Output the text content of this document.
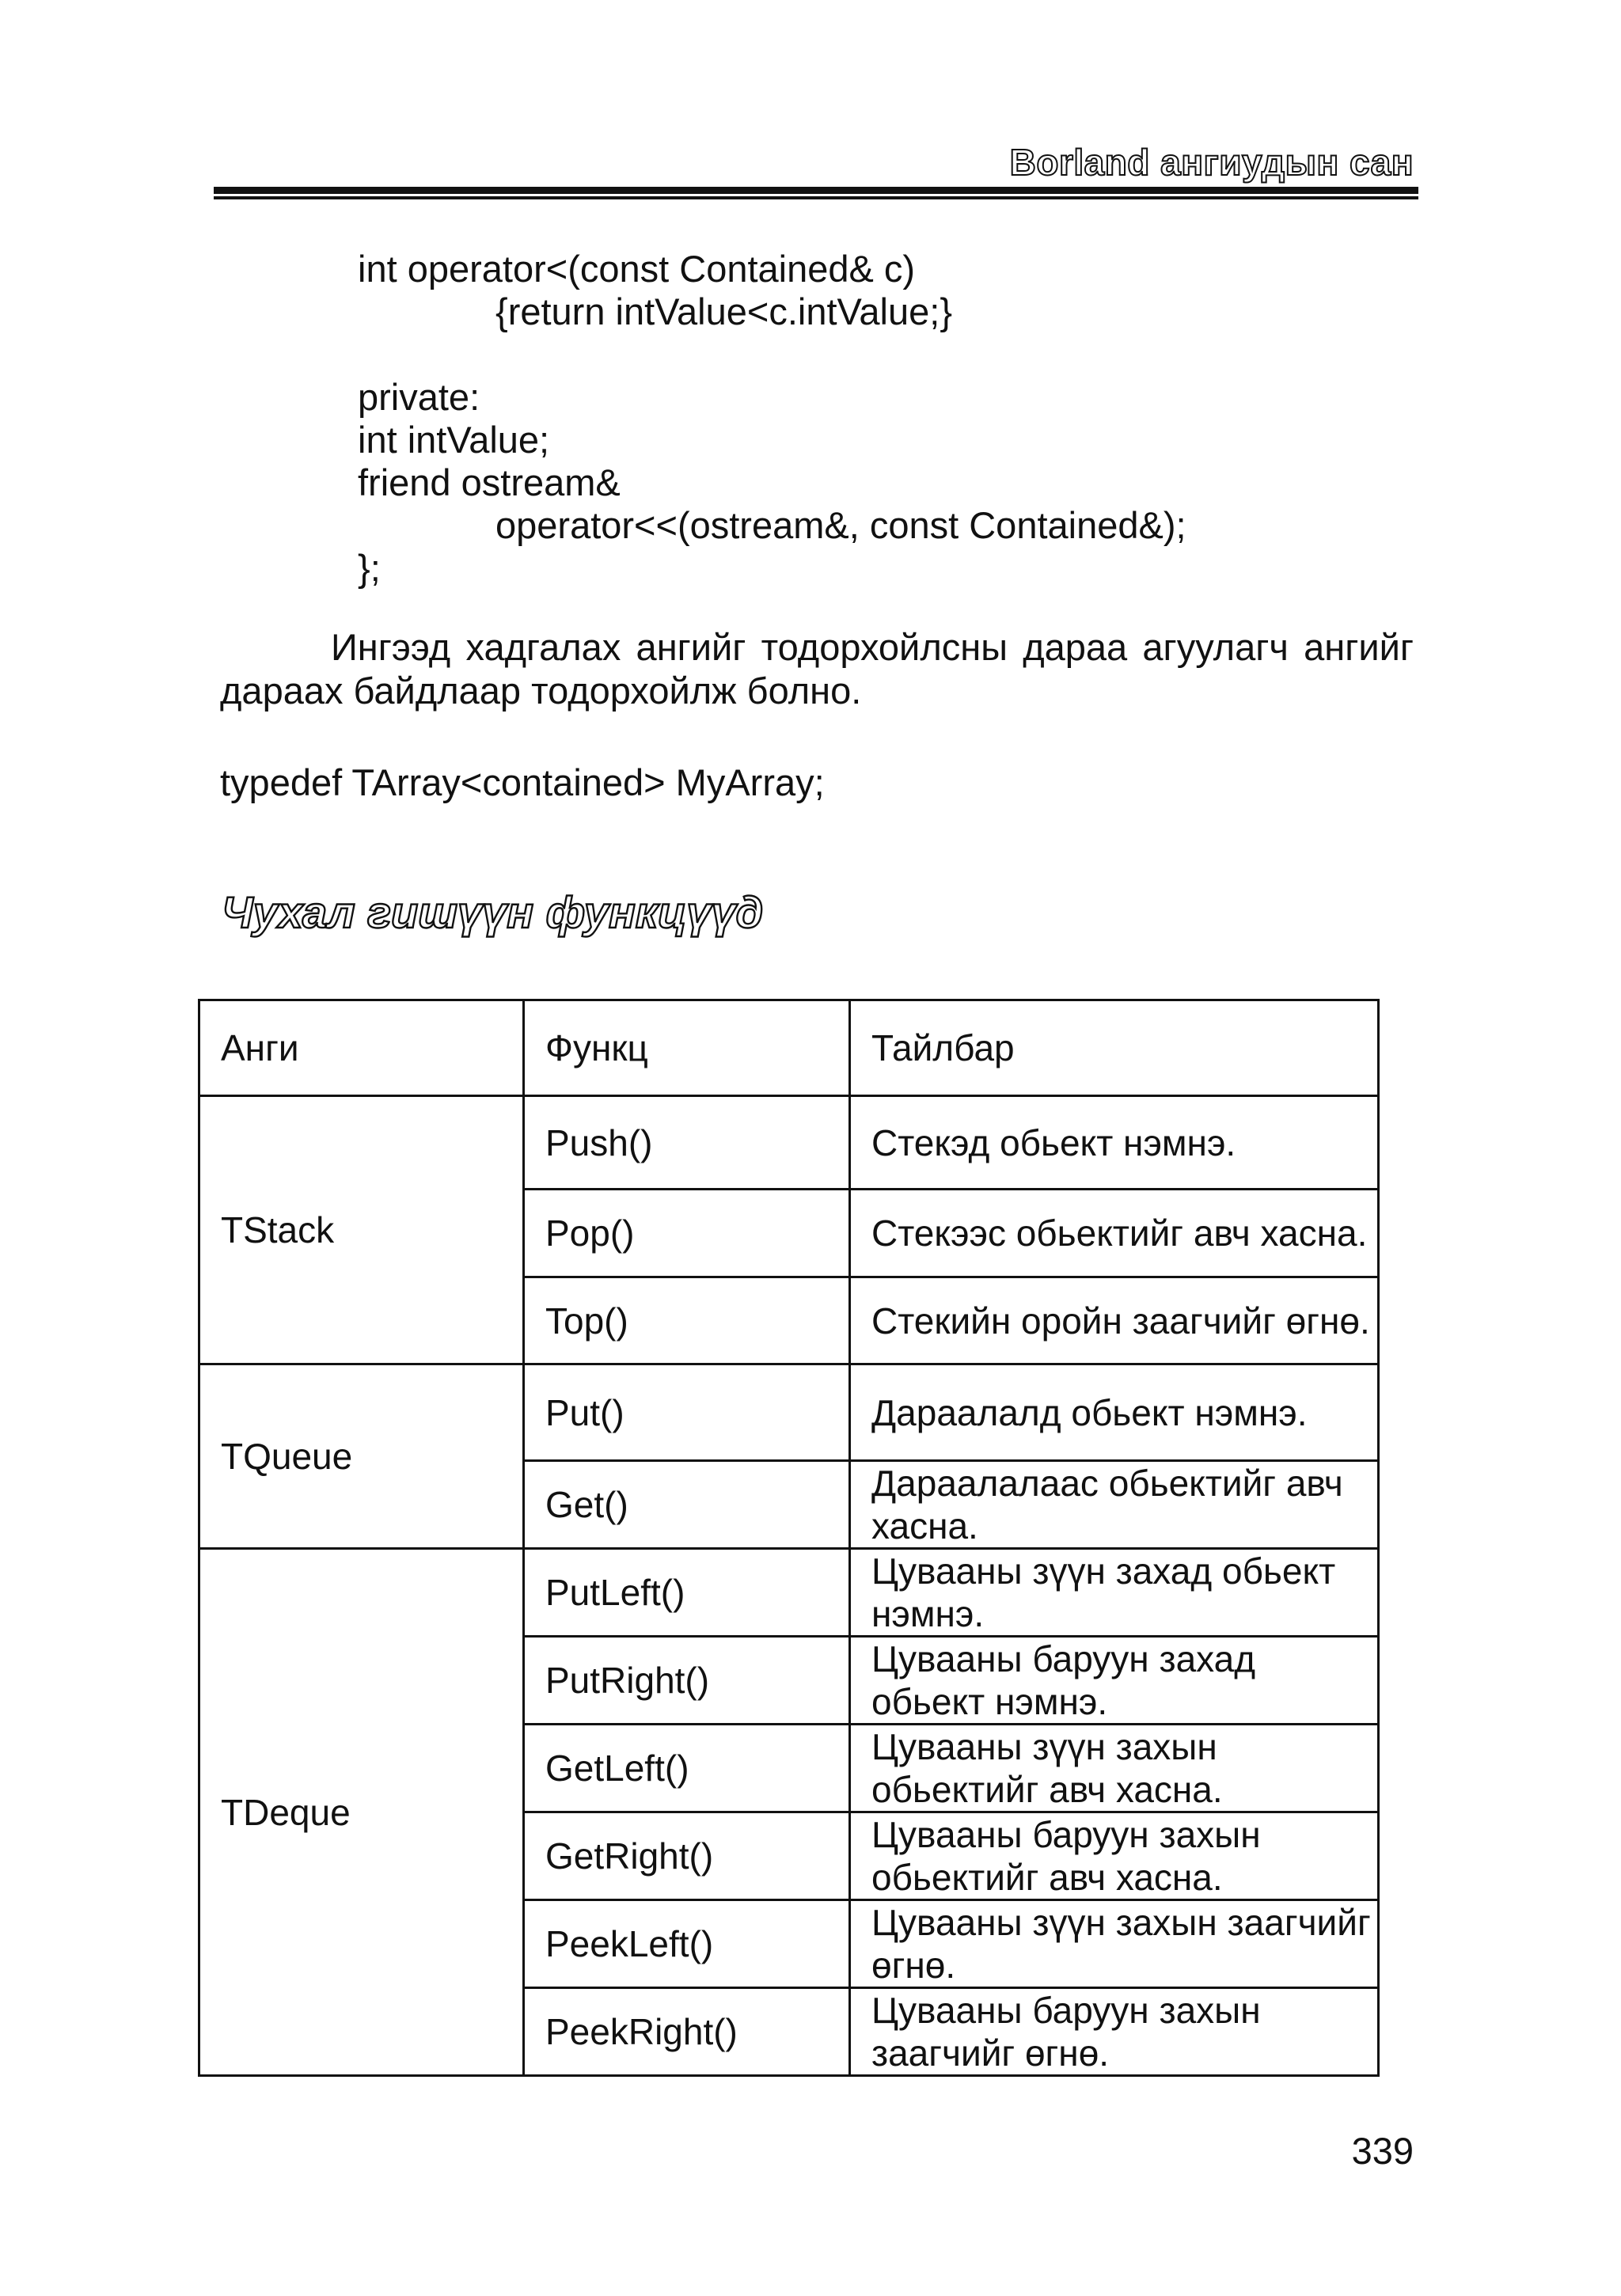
Borland ангиудын сан
int operator<(const Contained& c)
{return intValue<c.intValue;}
private:
int intValue;
friend ostream&
operator<<(ostream&, const Contained&);
};
Ингээд хадгалах ангийг тодорхойлсны дараа агуулагч ангийг дараах байдлаар тодорхойлж болно.
typedef TArray<contained> MyArray;
Чухал гишүүн функцүүд
Анги	Функц	Тайлбар
TStack	Push()	Стекэд обьект нэмнэ.
	Pop()	Стекээс обьектийг авч хасна.
	Top()	Стекийн оройн заагчийг өгнө.
TQueue	Put()	Дараалалд обьект нэмнэ.
	Get()	Дараалалаас обьектийг авч хасна.
TDeque	PutLeft()	Цувааны зүүн захад обьект нэмнэ.
	PutRight()	Цувааны баруун захад обьект нэмнэ.
	GetLeft()	Цувааны зүүн захын обьектийг авч хасна.
	GetRight()	Цувааны баруун захын обьектийг авч хасна.
	PeekLeft()	Цувааны зүүн захын заагчийг өгнө.
	PeekRight()	Цувааны баруун захын заагчийг өгнө.
339
